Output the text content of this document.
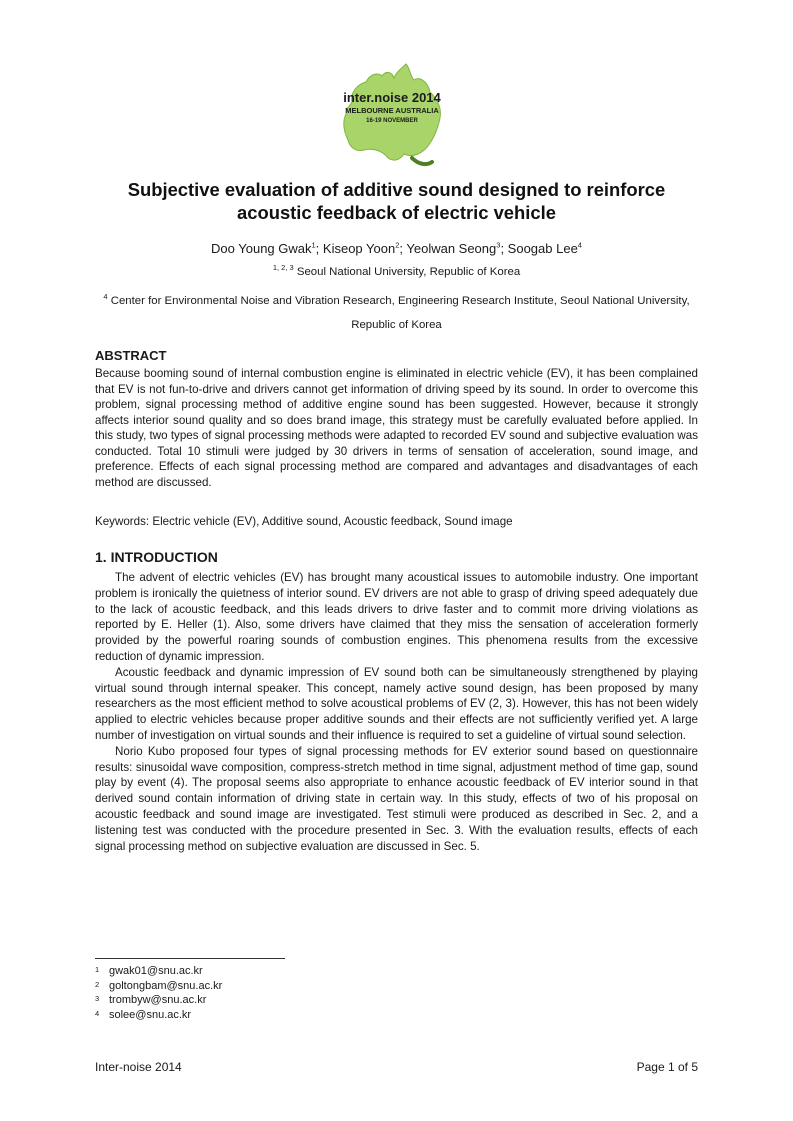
inter.noise 2014
MELBOURNE AUSTRALIA
16-19 NOVEMBER
Subjective evaluation of additive sound designed to reinforce
acoustic feedback of electric vehicle
Doo Young Gwak$^1$; Kiseop Yoon$^2$; Yeolwan Seong$^3$; Soogab Lee$^4$
$^{1, 2, 3}$ Seoul National University, Republic of Korea
$^4$ Center for Environmental Noise and Vibration Research, Engineering Research Institute, Seoul National University, Republic of Korea
ABSTRACT
Because booming sound of internal combustion engine is eliminated in electric vehicle (EV), it has been complained that EV is not fun-to-drive and drivers cannot get information of driving speed by its sound. In order to overcome this problem, signal processing method of additive engine sound has been suggested. However, because it strongly affects interior sound quality and so does brand image, this strategy must be carefully evaluated before applied. In this study, two types of signal processing methods were adapted to recorded EV sound and subjective evaluation was conducted. Total 10 stimuli were judged by 30 drivers in terms of sensation of acceleration, sound image, and preference. Effects of each signal processing method are compared and advantages and disadvantages of each method are discussed.
Keywords: Electric vehicle (EV), Additive sound, Acoustic feedback, Sound image
1. INTRODUCTION

The advent of electric vehicles (EV) has brought many acoustical issues to automobile industry. One important problem is ironically the quietness of interior sound. EV drivers are not able to grasp of driving speed adequately due to the lack of acoustic feedback, and this leads drivers to drive faster and to commit more driving violations as reported by E. Heller (1). Also, some drivers have claimed that they miss the sensation of acceleration formerly provided by the powerful roaring sounds of combustion engines. This phenomena results from the excessive reduction of dynamic impression.

Acoustic feedback and dynamic impression of EV sound both can be simultaneously strengthened by playing virtual sound through internal speaker. This concept, namely active sound design, has been proposed by many researchers as the most efficient method to solve acoustical problems of EV (2, 3). However, this has not been widely applied to electric vehicles because proper additive sounds and their effects are not sufficiently verified yet. A large number of investigation on virtual sounds and their influence is required to set a guideline of virtual sound selection.

Norio Kubo proposed four types of signal processing methods for EV exterior sound based on questionnaire results: sinusoidal wave composition, compress-stretch method in time signal, adjustment method of time gap, sound play by event (4). The proposal seems also appropriate to enhance acoustic feedback of EV interior sound in that derived sound contain information of driving state in certain way. In this study, effects of two of his proposal on acoustic feedback and sound image are investigated. Test stimuli were produced as described in Sec. 2, and a listening test was conducted with the procedure presented in Sec. 3. With the evaluation results, effects of each signal processing method on subjective evaluation are discussed in Sec. 5.

1 gwak01@snu.ac.kr
2 goltongbam@snu.ac.kr
3 trombyw@snu.ac.kr
4 solee@snu.ac.kr
Inter-noise 2014	Page 1 of 5
